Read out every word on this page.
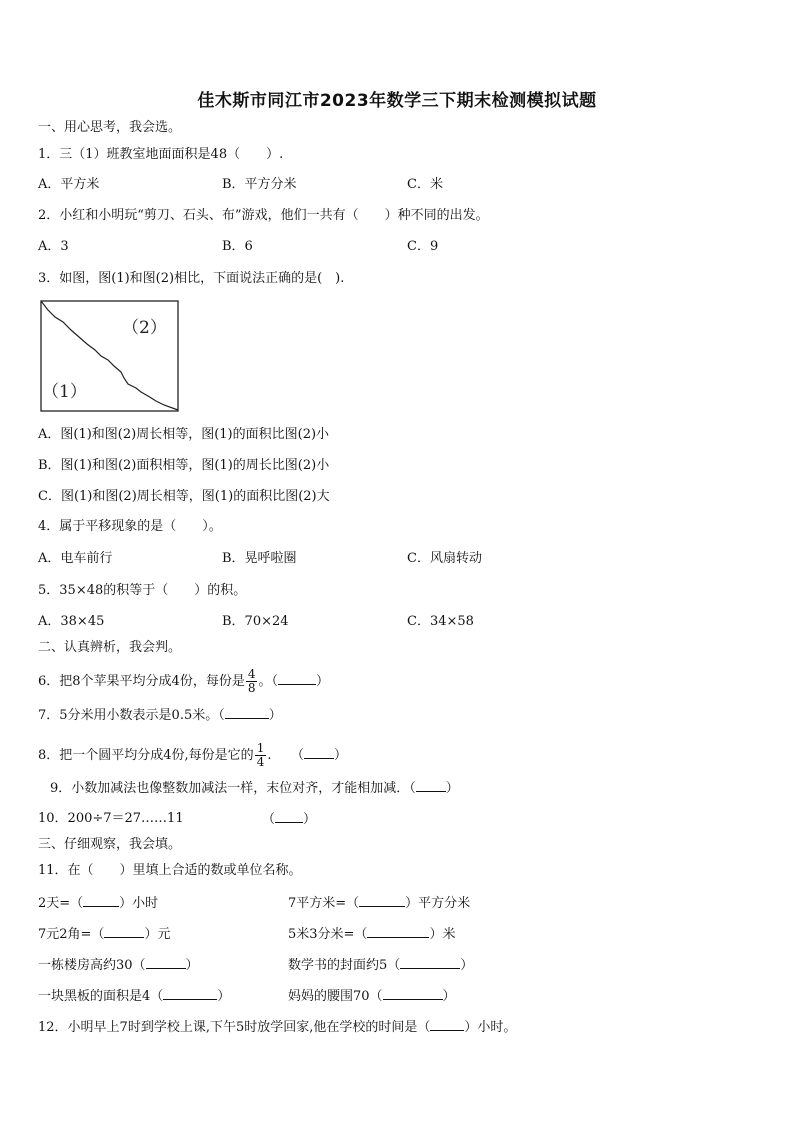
佳木斯市同江市2023年数学三下期末检测模拟试题
一、用心思考，我会选。
1．三（1）班教室地面面积是48（　　）.
A．平方米	B．平方分米	C．米
2．小红和小明玩“剪刀、石头、布”游戏，他们一共有（　　）种不同的出发。
A．3	B．6	C．9
3．如图，图(1)和图(2)相比，下面说法正确的是(　).
（2）
（1）
A．图(1)和图(2)周长相等，图(1)的面积比图(2)小
B．图(1)和图(2)面积相等，图(1)的周长比图(2)小
C．图(1)和图(2)周长相等，图(1)的面积比图(2)大
4．属于平移现象的是（　　）。
A．电车前行	B．晃呼啦圈	C．风扇转动
5．35×48的积等于（　　）的积。
A．38×45	B．70×24	C．34×58
二、认真辨析，我会判。
6．把8个苹果平均分成4份，每份是 $\frac{4}{8}$ 。（	）
7．5分米用小数表示是0.5米。（	）
8．把一个圆平均分成4份,每份是它的 $\frac{1}{4}$ .　　（ ）
9．小数加减法也像整数加减法一样，末位对齐，才能相加减．（ ）
10．200÷7＝27……11	（ ）
三、仔细观察，我会填。
11．在（　　）里填上合适的数或单位名称。
2天=（	）小时	7平方米=（	）平方分米
7元2角=（	）元	5米3分米=（	）米
一栋楼房高约30（	）	数学书的封面约5（	）
一块黑板的面积是4（	）	妈妈的腰围70（	）
12．小明早上7时到学校上课,下午5时放学回家,他在学校的时间是（	）小时。
